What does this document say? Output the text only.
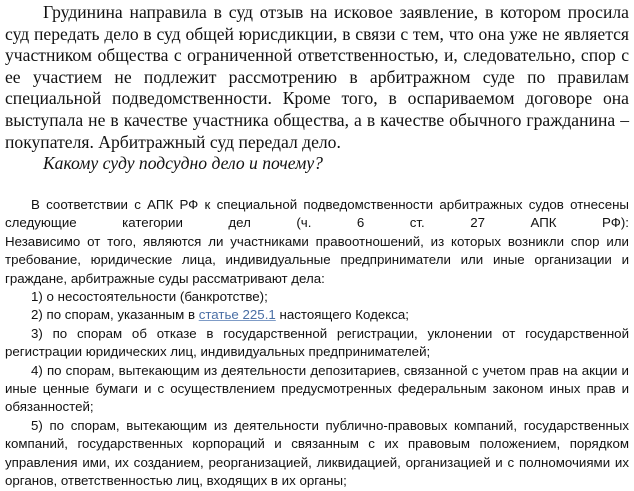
Грудинина направила в суд отзыв на исковое заявление, в котором просила суд передать дело в суд общей юрисдикции, в связи с тем, что она уже не является участником общества с ограниченной ответственностью, и, следовательно, спор с ее участием не подлежит рассмотрению в арбитражном суде по правилам специальной подведомственности. Кроме того, в оспариваемом договоре она выступала не в качестве участника общества, а в качестве обычного гражданина – покупателя. Арбитражный суд передал дело.

Какому суду подсудно дело и почему?

В соответствии с АПК РФ к специальной подведомственности арбитражных судов отнесены

следующие категории дел (ч. 6 ст. 27 АПК РФ):

Независимо от того, являются ли участниками правоотношений, из которых возникли спор или требование, юридические лица, индивидуальные предприниматели или иные организации и граждане, арбитражные суды рассматривают дела:

1) о несостоятельности (банкротстве);

2) по спорам, указанным в статье 225.1 настоящего Кодекса;

3) по спорам об отказе в государственной регистрации, уклонении от государственной регистрации юридических лиц, индивидуальных предпринимателей;

4) по спорам, вытекающим из деятельности депозитариев, связанной с учетом прав на акции и иные ценные бумаги и с осуществлением предусмотренных федеральным законом иных прав и обязанностей;

5) по спорам, вытекающим из деятельности публично-правовых компаний, государственных компаний, государственных корпораций и связанным с их правовым положением, порядком управления ими, их созданием, реорганизацией, ликвидацией, организацией и с полномочиями их органов, ответственностью лиц, входящих в их органы;
